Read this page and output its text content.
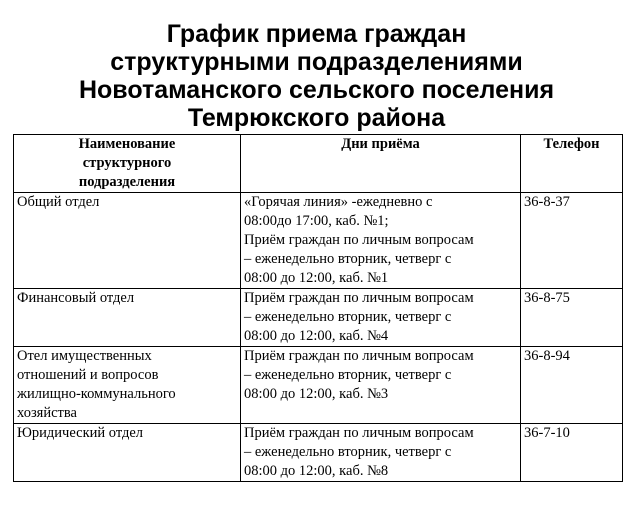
График приема граждан
структурными подразделениями
Новотаманского сельского поселения
Темрюкского района
Наименование
структурного
подразделения	Дни приёма	Телефон

Общий отдел	«Горячая линия» -ежедневно с
08:00до 17:00, каб. №1;
Приём граждан по личным вопросам
– еженедельно вторник, четверг с
08:00 до 12:00, каб. №1	36-8-37

Финансовый отдел	Приём граждан по личным вопросам
– еженедельно вторник, четверг с
08:00 до 12:00, каб. №4	36-8-75

Отел имущественных
отношений и вопросов
жилищно-коммунального
хозяйства	Приём граждан по личным вопросам
– еженедельно вторник, четверг с
08:00 до 12:00, каб. №3	36-8-94

Юридический отдел	Приём граждан по личным вопросам
– еженедельно вторник, четверг с
08:00 до 12:00, каб. №8	36-7-10
